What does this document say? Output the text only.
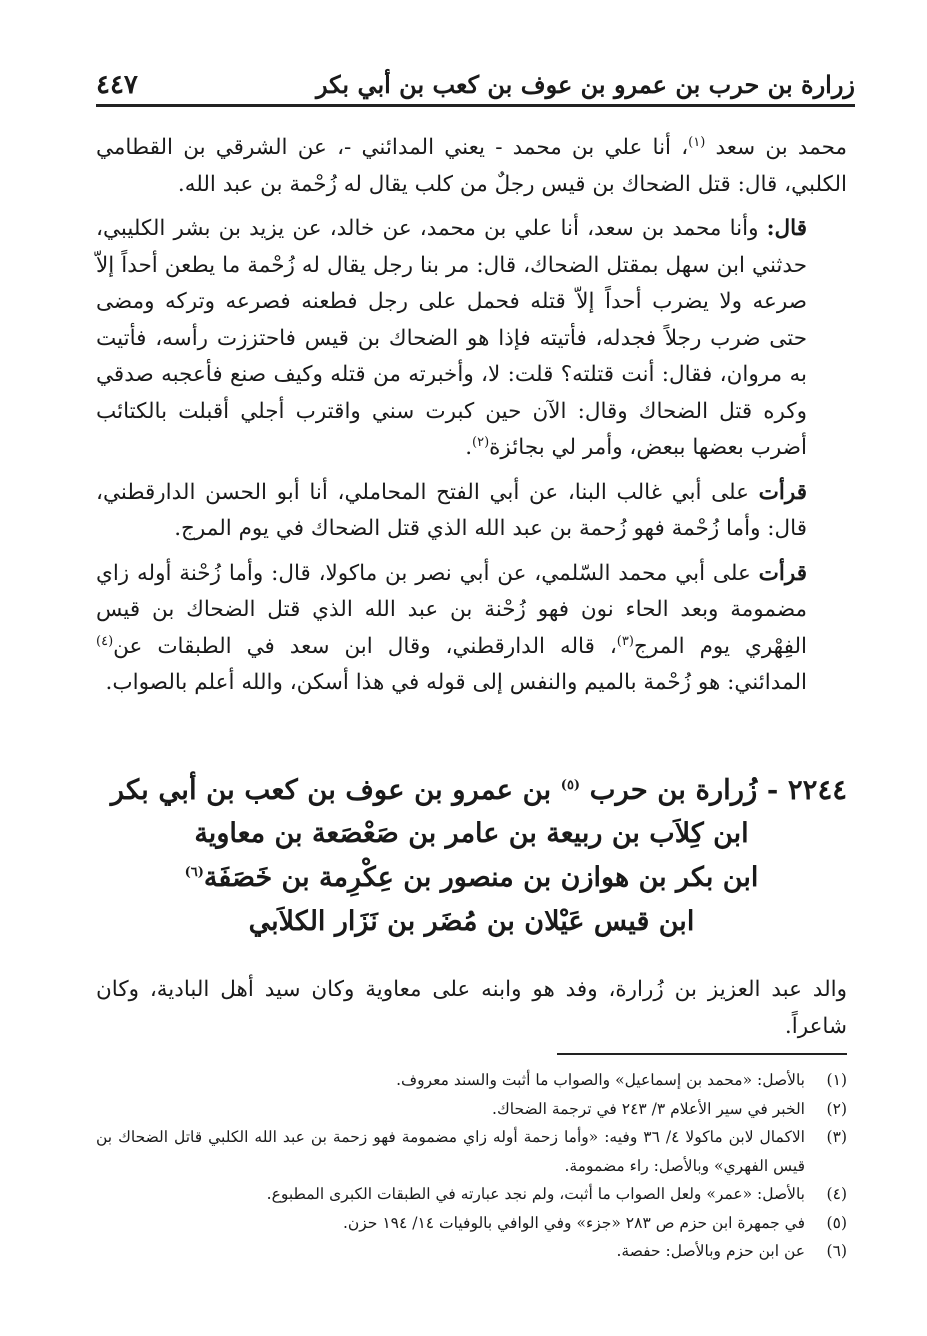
زرارة بن حرب بن عمرو بن عوف بن كعب بن أبي بكر
٤٤٧

محمد بن سعد $^{(١)}$، أنا علي بن محمد - يعني المدائني -، عن الشرقي بن القطامي الكلبي، قال: قتل الضحاك بن قيس رجلٌ من كلب يقال له زُحْمة بن عبد الله.

قال: وأنا محمد بن سعد، أنا علي بن محمد، عن خالد، عن يزيد بن بشر الكليبي، حدثني ابن سهل بمقتل الضحاك، قال: مر بنا رجل يقال له زُحْمة ما يطعن أحداً إلاّ صرعه ولا يضرب أحداً إلاّ قتله فحمل على رجل فطعنه فصرعه وتركه ومضى حتى ضرب رجلاً فجدله، فأتيته فإذا هو الضحاك بن قيس فاحتززت رأسه، فأتيت به مروان، فقال: أنت قتلته؟ قلت: لا، وأخبرته من قتله وكيف صنع فأعجبه صدقي وكره قتل الضحاك وقال: الآن حين كبرت سني واقترب أجلي أقبلت بالكتائب أضرب بعضها ببعض، وأمر لي بجائزة$^{(٢)}$.

قرأت على أبي غالب البنا، عن أبي الفتح المحاملي، أنا أبو الحسن الدارقطني، قال: وأما زُحْمة فهو زُحمة بن عبد الله الذي قتل الضحاك في يوم المرج.

قرأت على أبي محمد السّلمي، عن أبي نصر بن ماكولا، قال: وأما زُحْنة أوله زاي مضمومة وبعد الحاء نون فهو زُحْنة بن عبد الله الذي قتل الضحاك بن قيس الفِهْري يوم المرج$^{(٣)}$، قاله الدارقطني، وقال ابن سعد في الطبقات عن$^{(٤)}$ المدائني: هو زُحْمة بالميم والنفس إلى قوله في هذا أسكن، والله أعلم بالصواب.

٢٢٤٤ - زُرارة بن حرب $^{(٥)}$ بن عمرو بن عوف بن كعب بن أبي بكر

ابن كِلاَب بن ربيعة بن عامر بن صَعْصَعة بن معاوية

ابن بكر بن هوازن بن منصور بن عِكْرِمة بن خَصَفَة$^{(٦)}$

ابن قيس عَيْلان بن مُضَر بن نَزَار الكلاَبي

والد عبد العزيز بن زُرارة، وفد هو وابنه على معاوية وكان سيد أهل البادية، وكان شاعراً.

(١)
بالأصل: «محمد بن إسماعيل» والصواب ما أثبت والسند معروف.
(٢)
الخبر في سير الأعلام ٣/ ٢٤٣ في ترجمة الضحاك.
(٣)
الاكمال لابن ماكولا ٤/ ٣٦ وفيه: «وأما زحمة أوله زاي مضمومة فهو زحمة بن عبد الله الكلبي قاتل الضحاك بن قيس الفهري» وبالأصل: راء مضمومة.
(٤)
بالأصل: «عمر» ولعل الصواب ما أثبت، ولم نجد عبارته في الطبقات الكبرى المطبوع.
(٥)
في جمهرة ابن حزم ص ٢٨٣ «جزء» وفي الوافي بالوفيات ١٤/ ١٩٤ حزن.
(٦)
عن ابن حزم وبالأصل: حفصة.
